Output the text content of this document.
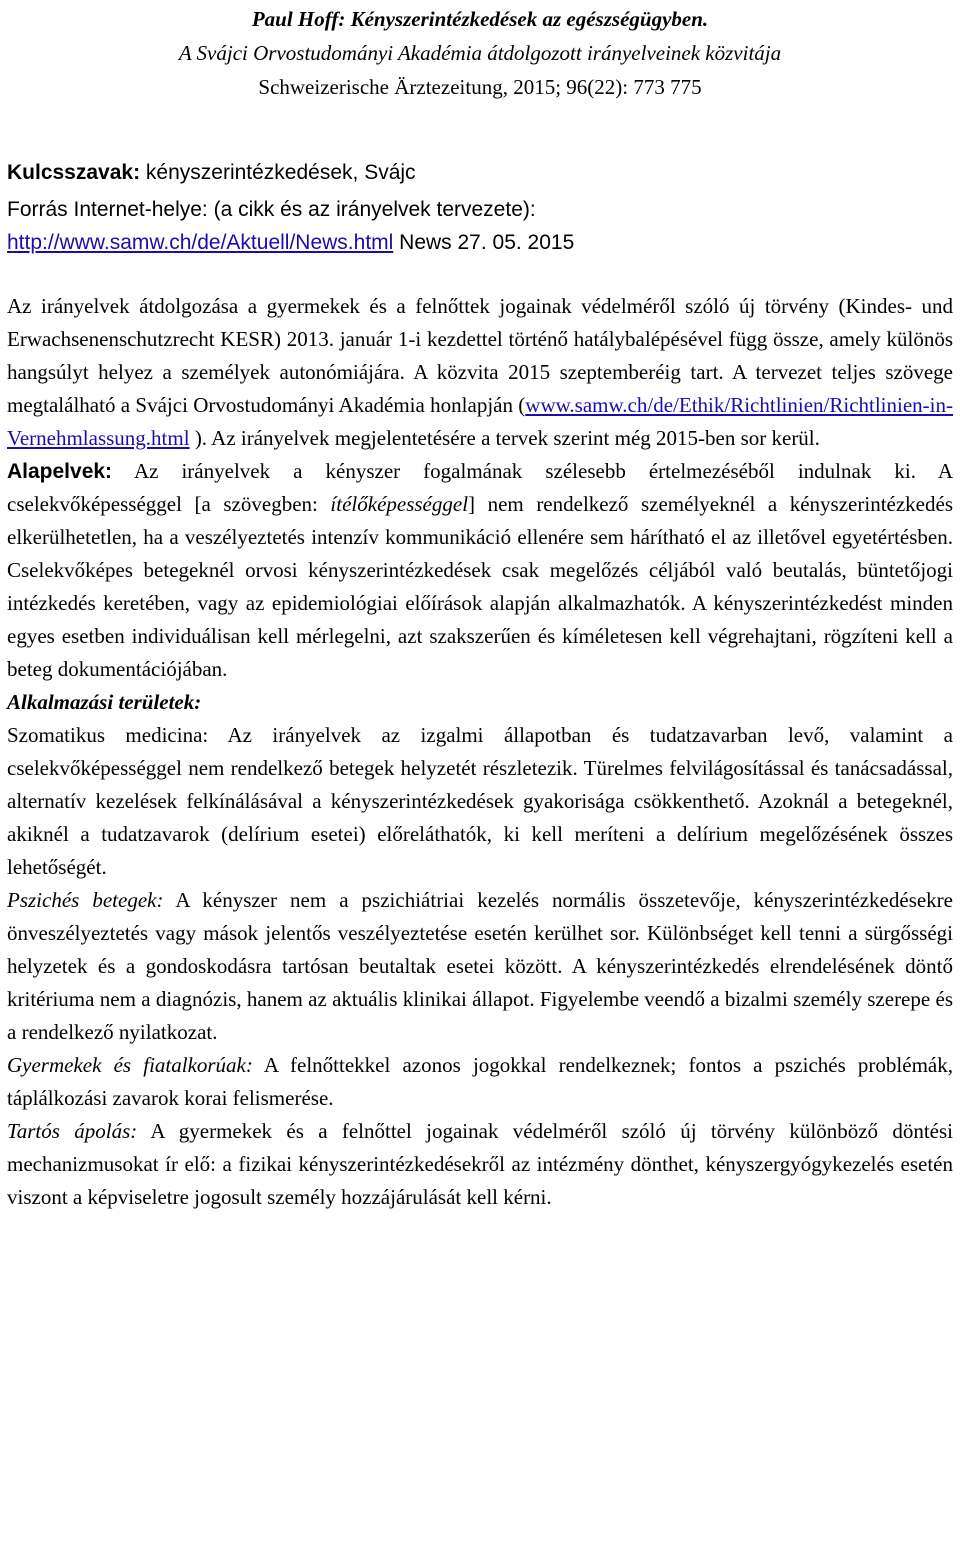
Paul Hoff: Kényszerintézkedések az egészségügyben.
A Svájci Orvostudományi Akadémia átdolgozott irányelveinek közvitája
Schweizerische Ärztezeitung, 2015; 96(22): 773 775
Kulcsszavak: kényszerintézkedések, Svájc
Forrás Internet-helye: (a cikk és az irányelvek tervezete):
http://www.samw.ch/de/Aktuell/News.html News 27. 05. 2015

Az irányelvek átdolgozása a gyermekek és a felnőttek jogainak védelméről szóló új törvény (Kindes- und Erwachsenenschutzrecht KESR) 2013. január 1-i kezdettel történő hatálybalépésével függ össze, amely különös hangsúlyt helyez a személyek autonómiájára. A közvita 2015 szeptemberéig tart. A tervezet teljes szövege megtalálható a Svájci Orvostudományi Akadémia honlapján (www.samw.ch/de/Ethik/Richtlinien/Richtlinien-in-Vernehmlassung.html ). Az irányelvek megjelentetésére a tervek szerint még 2015-ben sor kerül.

Alapelvek: Az irányelvek a kényszer fogalmának szélesebb értelmezéséből indulnak ki. A cselekvőképességgel [a szövegben: ítélőképességgel] nem rendelkező személyeknél a kényszerintézkedés elkerülhetetlen, ha a veszélyeztetés intenzív kommunikáció ellenére sem hárítható el az illetővel egyetértésben. Cselekvőképes betegeknél orvosi kényszerintézkedések csak megelőzés céljából való beutalás, büntetőjogi intézkedés keretében, vagy az epidemiológiai előírások alapján alkalmazhatók. A kényszerintézkedést minden egyes esetben individuálisan kell mérlegelni, azt szakszerűen és kíméletesen kell végrehajtani, rögzíteni kell a beteg dokumentációjában.

Alkalmazási területek:

Szomatikus medicina: Az irányelvek az izgalmi állapotban és tudatzavarban levő, valamint a cselekvőképességgel nem rendelkező betegek helyzetét részletezik. Türelmes felvilágosítással és tanácsadással, alternatív kezelések felkínálásával a kényszerintézkedések gyakorisága csökkenthető. Azoknál a betegeknél, akiknél a tudatzavarok (delírium esetei) előreláthatók, ki kell meríteni a delírium megelőzésének összes lehetőségét.

Pszichés betegek: A kényszer nem a pszichiátriai kezelés normális összetevője, kényszerintézkedésekre önveszélyeztetés vagy mások jelentős veszélyeztetése esetén kerülhet sor. Különbséget kell tenni a sürgősségi helyzetek és a gondoskodásra tartósan beutaltak esetei között. A kényszerintézkedés elrendelésének döntő kritériuma nem a diagnózis, hanem az aktuális klinikai állapot. Figyelembe veendő a bizalmi személy szerepe és a rendelkező nyilatkozat.

Gyermekek és fiatalkorúak: A felnőttekkel azonos jogokkal rendelkeznek; fontos a pszichés problémák, táplálkozási zavarok korai felismerése.

Tartós ápolás: A gyermekek és a felnőttel jogainak védelméről szóló új törvény különböző döntési mechanizmusokat ír elő: a fizikai kényszerintézkedésekről az intézmény dönthet, kényszergyógykezelés esetén viszont a képviseletre jogosult személy hozzájárulását kell kérni.
